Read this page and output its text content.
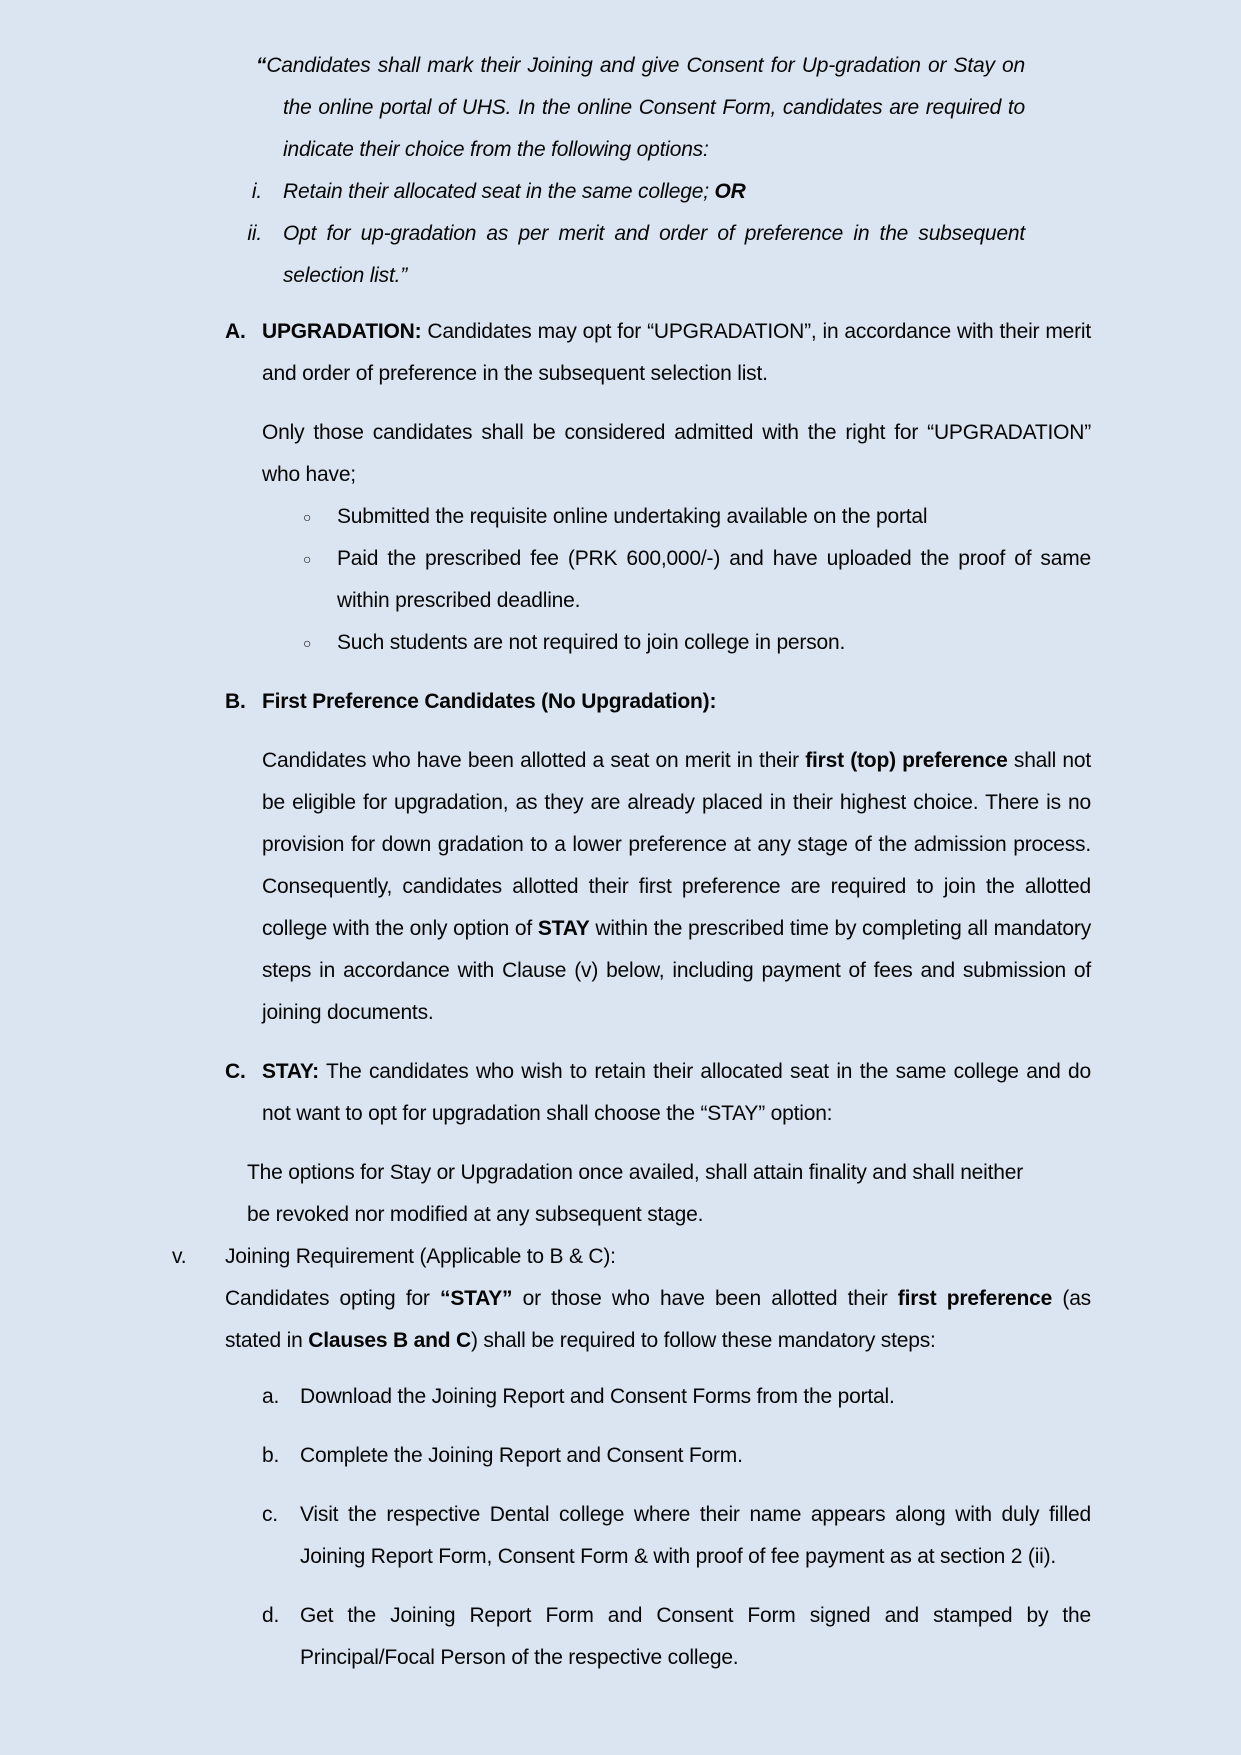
“Candidates shall mark their Joining and give Consent for Up-gradation or Stay on the online portal of UHS. In the online Consent Form, candidates are required to indicate their choice from the following options:

i.	Retain their allocated seat in the same college; OR
ii.	Opt for up-gradation as per merit and order of preference in the subsequent selection list.”
A. UPGRADATION: Candidates may opt for “UPGRADATION”, in accordance with their merit and order of preference in the subsequent selection list.

Only those candidates shall be considered admitted with the right for “UPGRADATION” who have;

○	Submitted the requisite online undertaking available on the portal
○	Paid the prescribed fee (PRK 600,000/-) and have uploaded the proof of same within prescribed deadline.
○	Such students are not required to join college in person.
B. First Preference Candidates (No Upgradation):

Candidates who have been allotted a seat on merit in their first (top) preference shall not be eligible for upgradation, as they are already placed in their highest choice. There is no provision for down gradation to a lower preference at any stage of the admission process. Consequently, candidates allotted their first preference are required to join the allotted college with the only option of STAY within the prescribed time by completing all mandatory steps in accordance with Clause (v) below, including payment of fees and submission of joining documents.

C. STAY: The candidates who wish to retain their allocated seat in the same college and do not want to opt for upgradation shall choose the “STAY” option:

The options for Stay or Upgradation once availed, shall attain finality and shall neither be revoked nor modified at any subsequent stage.

v.	Joining Requirement (Applicable to B & C):

Candidates opting for “STAY” or those who have been allotted their first preference (as stated in Clauses B and C) shall be required to follow these mandatory steps:

a. Download the Joining Report and Consent Forms from the portal.
b. Complete the Joining Report and Consent Form.
c.	Visit the respective Dental college where their name appears along with duly filled Joining Report Form, Consent Form & with proof of fee payment as at section 2 (ii).
d. Get the Joining Report Form and Consent Form signed and stamped by the Principal/Focal Person of the respective college.
